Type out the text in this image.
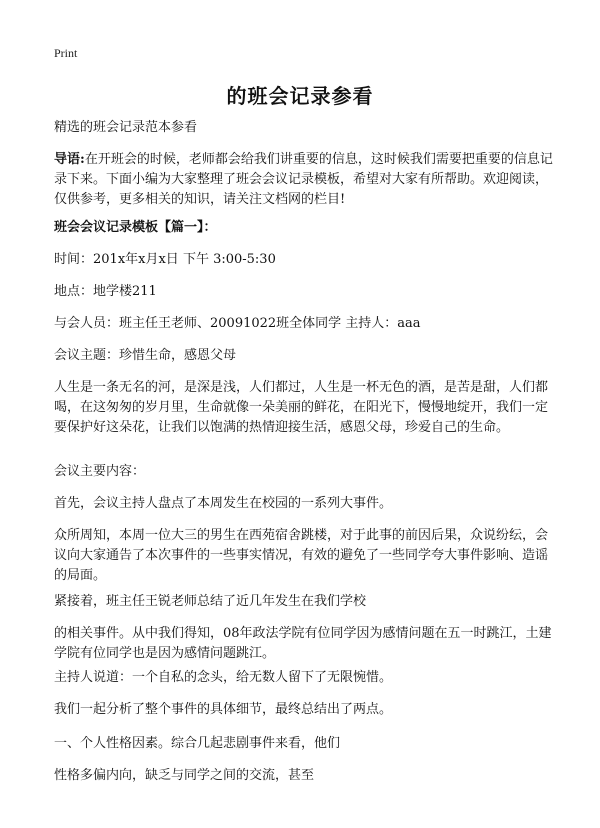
Print
的班会记录参看

精选的班会记录范本参看

导语:在开班会的时候，老师都会给我们讲重要的信息，这时候我们需要把重要的信息记录下来。下面小编为大家整理了班会会议记录模板，希望对大家有所帮助。欢迎阅读，仅供参考，更多相关的知识，请关注文档网的栏目!

班会会议记录模板【篇一】：

时间：201x年x月x日 下午 3:00-5:30

地点：地学楼211

与会人员：班主任王老师、20091022班全体同学 主持人：aaa

会议主题：珍惜生命，感恩父母

人生是一条无名的河，是深是浅，人们都过，人生是一杯无色的酒，是苦是甜，人们都喝，在这匆匆的岁月里，生命就像一朵美丽的鲜花，在阳光下，慢慢地绽开，我们一定要保护好这朵花，让我们以饱满的热情迎接生活，感恩父母，珍爱自己的生命。

会议主要内容：

首先，会议主持人盘点了本周发生在校园的一系列大事件。

众所周知，本周一位大三的男生在西苑宿舍跳楼，对于此事的前因后果，众说纷纭，会议向大家通告了本次事件的一些事实情况，有效的避免了一些同学夸大事件影响、造谣的局面。

紧接着，班主任王锐老师总结了近几年发生在我们学校

的相关事件。从中我们得知，08年政法学院有位同学因为感情问题在五一时跳江，土建学院有位同学也是因为感情问题跳江。

主持人说道：一个自私的念头，给无数人留下了无限惋惜。

我们一起分析了整个事件的具体细节，最终总结出了两点。

一、个人性格因素。综合几起悲剧事件来看，他们

性格多偏内向，缺乏与同学之间的交流，甚至
